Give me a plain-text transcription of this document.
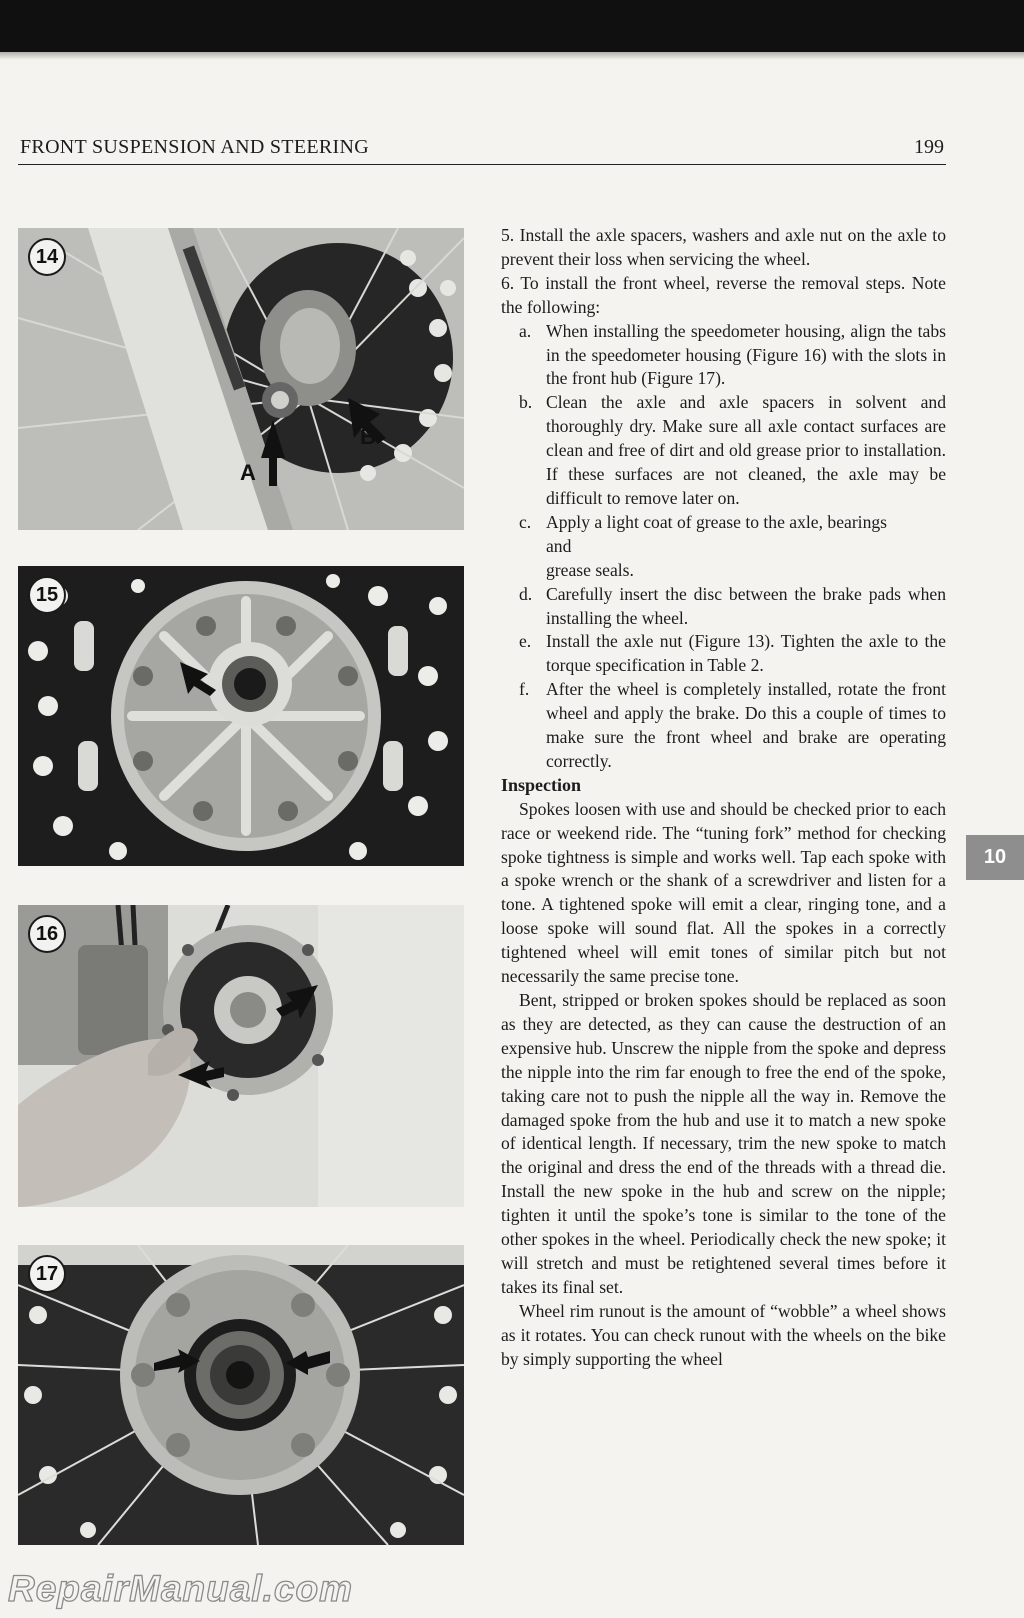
FRONT SUSPENSION AND STEERING	199
14
A
B
15
16
17

5. Install the axle spacers, washers and axle nut on the axle to prevent their loss when servicing the wheel.

6. To install the front wheel, reverse the removal steps. Note the following:

a. When installing the speedometer housing, align the tabs in the speedometer housing (Figure 16) with the slots in the front hub (Figure 17).
b. Clean the axle and axle spacers in solvent and thoroughly dry. Make sure all axle contact surfaces are clean and free of dirt and old grease prior to installation. If these surfaces are not cleaned, the axle may be difficult to remove later on.
c. Apply a light coat of grease to the axle, bearings
and
grease seals.
d. Carefully insert the disc between the brake pads when installing the wheel.
e. Install the axle nut (Figure 13). Tighten the axle to the torque specification in Table 2.
f. After the wheel is completely installed, rotate the front wheel and apply the brake. Do this a couple of times to make sure the front wheel and brake are operating correctly.

Inspection

Spokes loosen with use and should be checked prior to each race or weekend ride. The “tuning fork” method for checking spoke tightness is simple and works well. Tap each spoke with a spoke wrench or the shank of a screwdriver and listen for a tone. A tightened spoke will emit a clear, ringing tone, and a loose spoke will sound flat. All the spokes in a correctly tightened wheel will emit tones of similar pitch but not necessarily the same precise tone.

Bent, stripped or broken spokes should be replaced as soon as they are detected, as they can cause the destruction of an expensive hub. Unscrew the nipple from the spoke and depress the nipple into the rim far enough to free the end of the spoke, taking care not to push the nipple all the way in. Remove the damaged spoke from the hub and use it to match a new spoke of identical length. If necessary, trim the new spoke to match the original and dress the end of the threads with a thread die. Install the new spoke in the hub and screw on the nipple; tighten it until the spoke’s tone is similar to the tone of the other spokes in the wheel. Periodically check the new spoke; it will stretch and must be retightened several times before it takes its final set.

Wheel rim runout is the amount of “wobble” a wheel shows as it rotates. You can check runout with the wheels on the bike by simply supporting the wheel

10
RepairManual.com
